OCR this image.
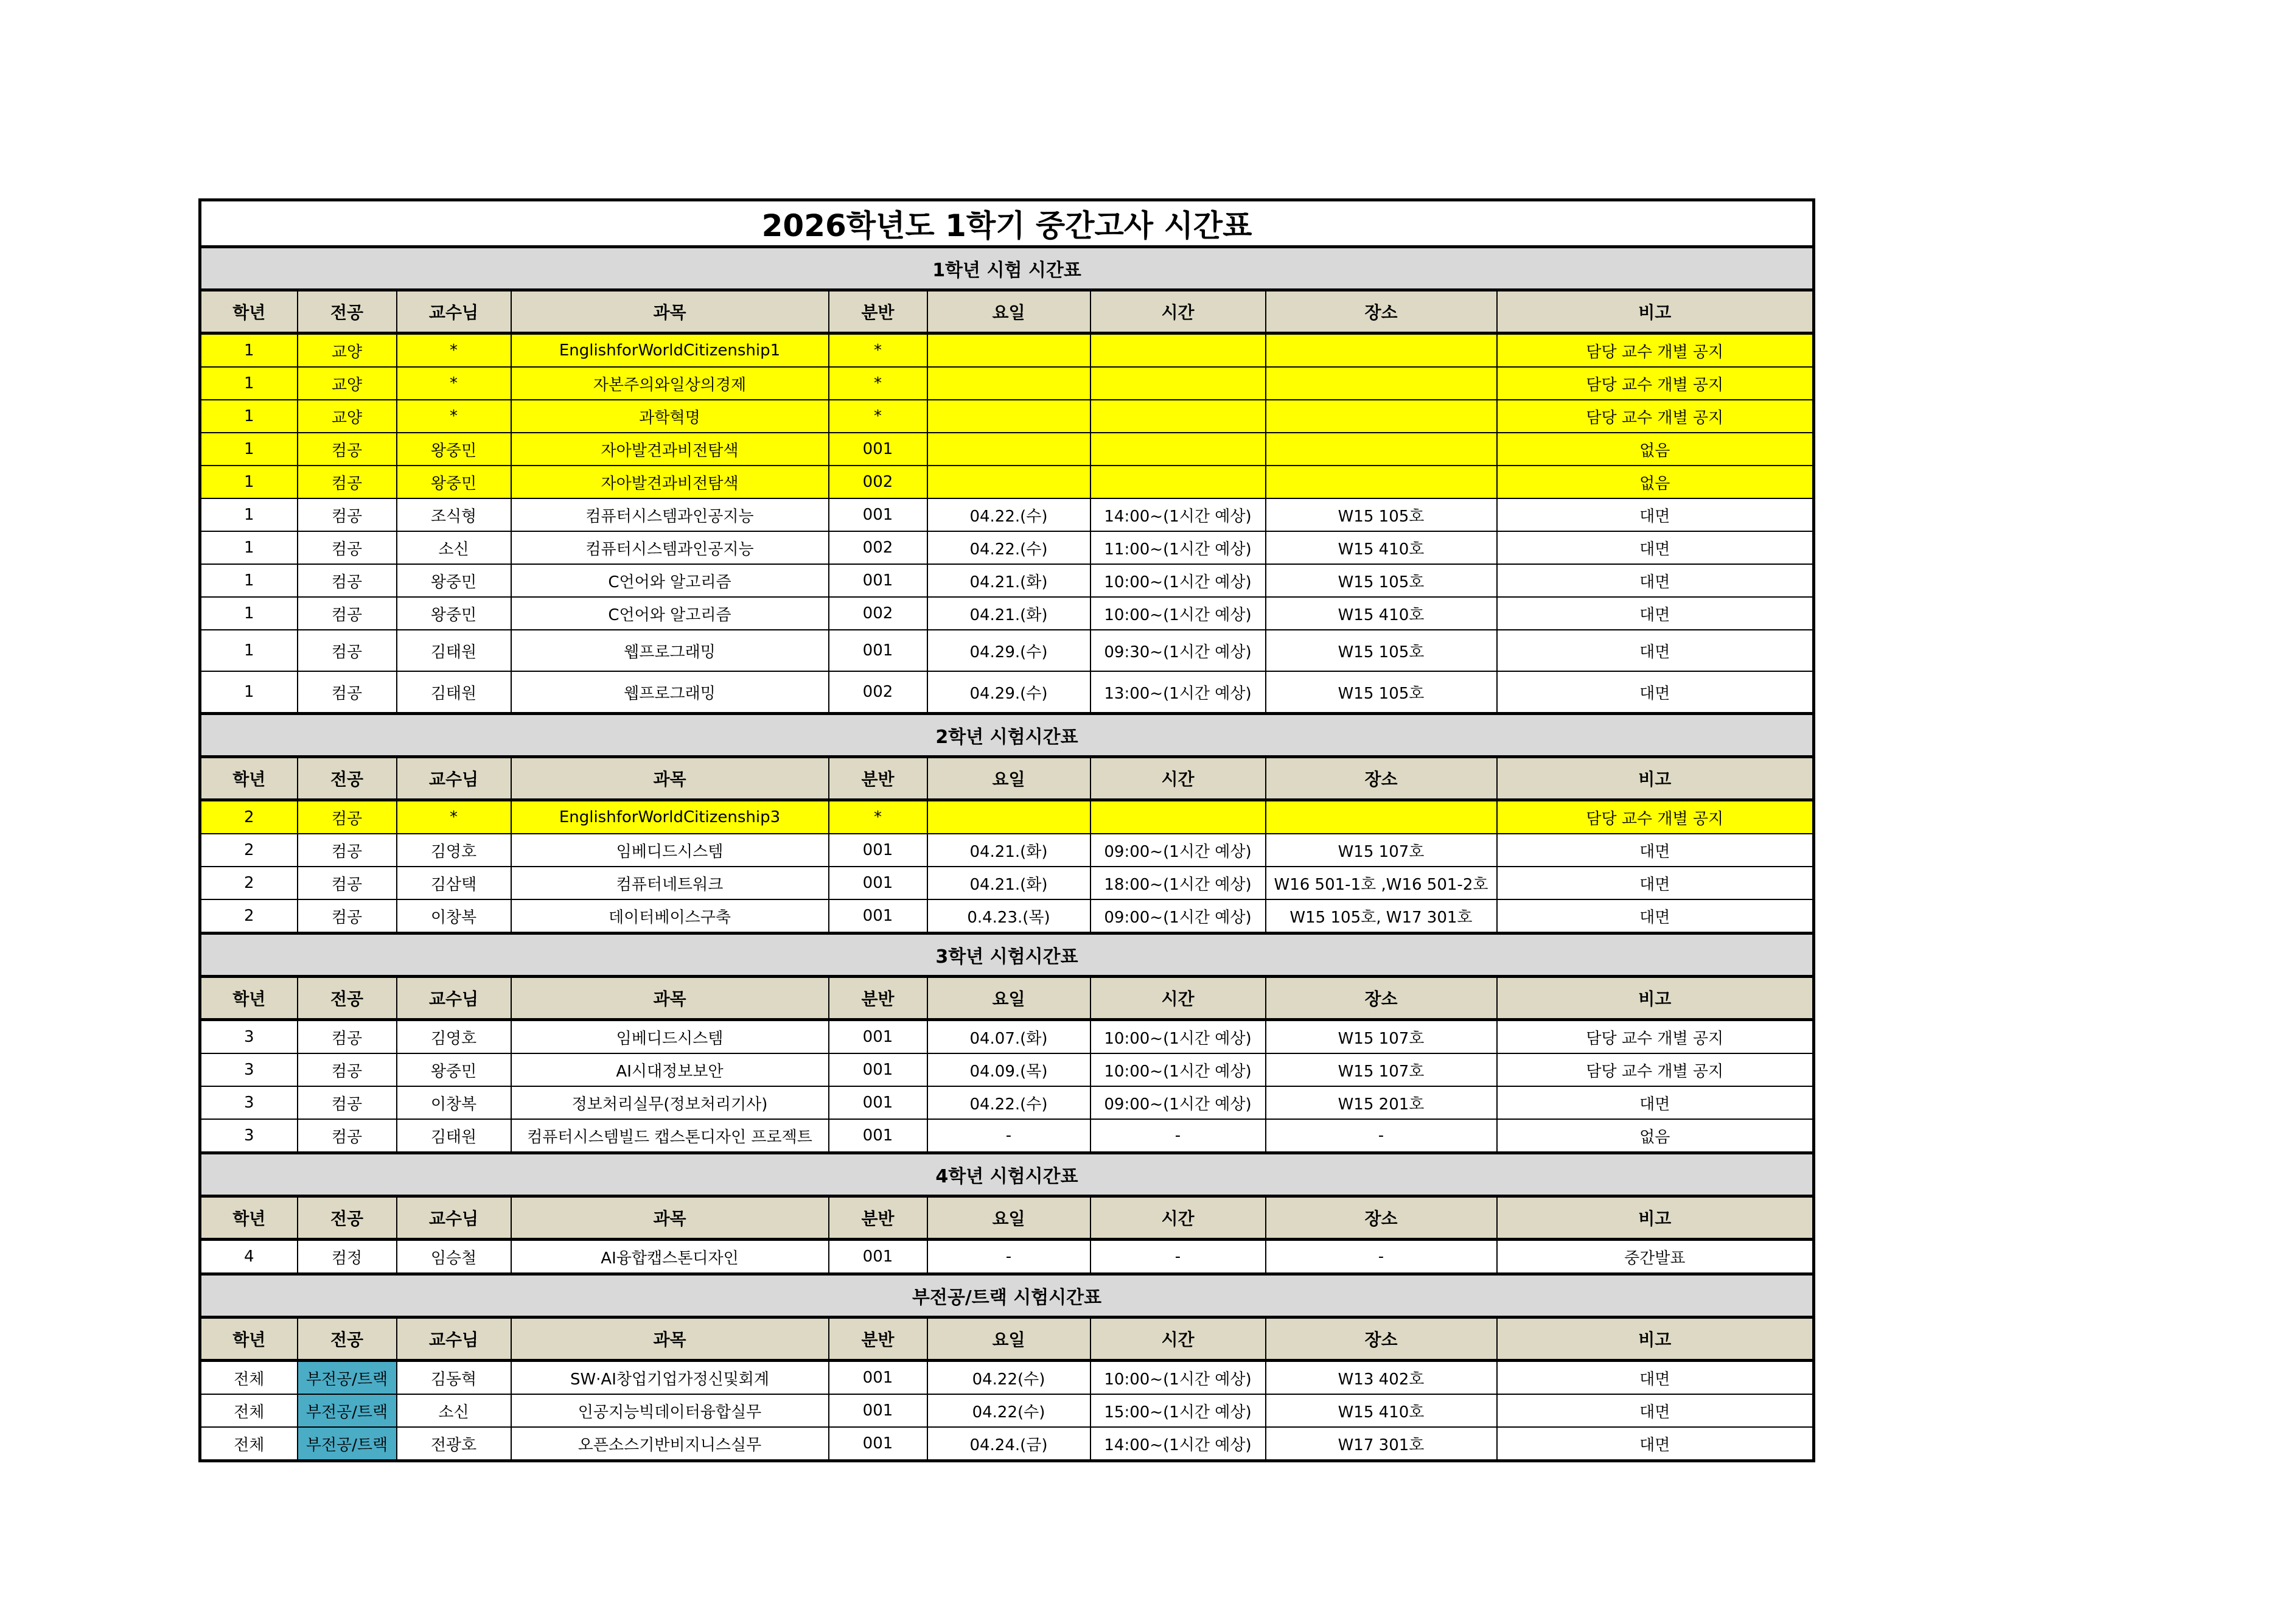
2026학년도 1학기 중간고사 시간표								
1학년 시험 시간표								
학년	전공	교수님	과목	분반	요일	시간	장소	비고
1	교양	*	EnglishforWorldCitizenship1	*				담당 교수 개별 공지
1	교양	*	자본주의와일상의경제	*				담당 교수 개별 공지
1	교양	*	과학혁명	*				담당 교수 개별 공지
1	컴공	왕중민	자아발견과비전탐색	001				없음
1	컴공	왕중민	자아발견과비전탐색	002				없음
1	컴공	조식형	컴퓨터시스템과인공지능	001	04.22.(수)	14:00~(1시간 예상)	W15 105호	대면
1	컴공	소신	컴퓨터시스템과인공지능	002	04.22.(수)	11:00~(1시간 예상)	W15 410호	대면
1	컴공	왕중민	C언어와 알고리즘	001	04.21.(화)	10:00~(1시간 예상)	W15 105호	대면
1	컴공	왕중민	C언어와 알고리즘	002	04.21.(화)	10:00~(1시간 예상)	W15 410호	대면
1	컴공	김태원	웹프로그래밍	001	04.29.(수)	09:30~(1시간 예상)	W15 105호	대면
1	컴공	김태원	웹프로그래밍	002	04.29.(수)	13:00~(1시간 예상)	W15 105호	대면
2학년 시험시간표								
학년	전공	교수님	과목	분반	요일	시간	장소	비고
2	컴공	*	EnglishforWorldCitizenship3	*				담당 교수 개별 공지
2	컴공	김영호	임베디드시스템	001	04.21.(화)	09:00~(1시간 예상)	W15 107호	대면
2	컴공	김삼택	컴퓨터네트워크	001	04.21.(화)	18:00~(1시간 예상)	W16 501-1호 ,W16 501-2호	대면
2	컴공	이창복	데이터베이스구축	001	0.4.23.(목)	09:00~(1시간 예상)	W15 105호, W17 301호	대면
3학년 시험시간표								
학년	전공	교수님	과목	분반	요일	시간	장소	비고
3	컴공	김영호	임베디드시스템	001	04.07.(화)	10:00~(1시간 예상)	W15 107호	담당 교수 개별 공지
3	컴공	왕중민	AI시대정보보안	001	04.09.(목)	10:00~(1시간 예상)	W15 107호	담당 교수 개별 공지
3	컴공	이창복	정보처리실무(정보처리기사)	001	04.22.(수)	09:00~(1시간 예상)	W15 201호	대면
3	컴공	김태원	컴퓨터시스템빌드 캡스톤디자인 프로젝트	001	-	-	-	없음
4학년 시험시간표								
학년	전공	교수님	과목	분반	요일	시간	장소	비고
4	컴정	임승철	AI융합캡스톤디자인	001	-	-	-	중간발표
부전공/트랙 시험시간표								
학년	전공	교수님	과목	분반	요일	시간	장소	비고
전체	부전공/트랙	김동혁	SW·AI창업기업가정신및회계	001	04.22(수)	10:00~(1시간 예상)	W13 402호	대면
전체	부전공/트랙	소신	인공지능빅데이터융합실무	001	04.22(수)	15:00~(1시간 예상)	W15 410호	대면
전체	부전공/트랙	전광호	오픈소스기반비지니스실무	001	04.24.(금)	14:00~(1시간 예상)	W17 301호	대면
